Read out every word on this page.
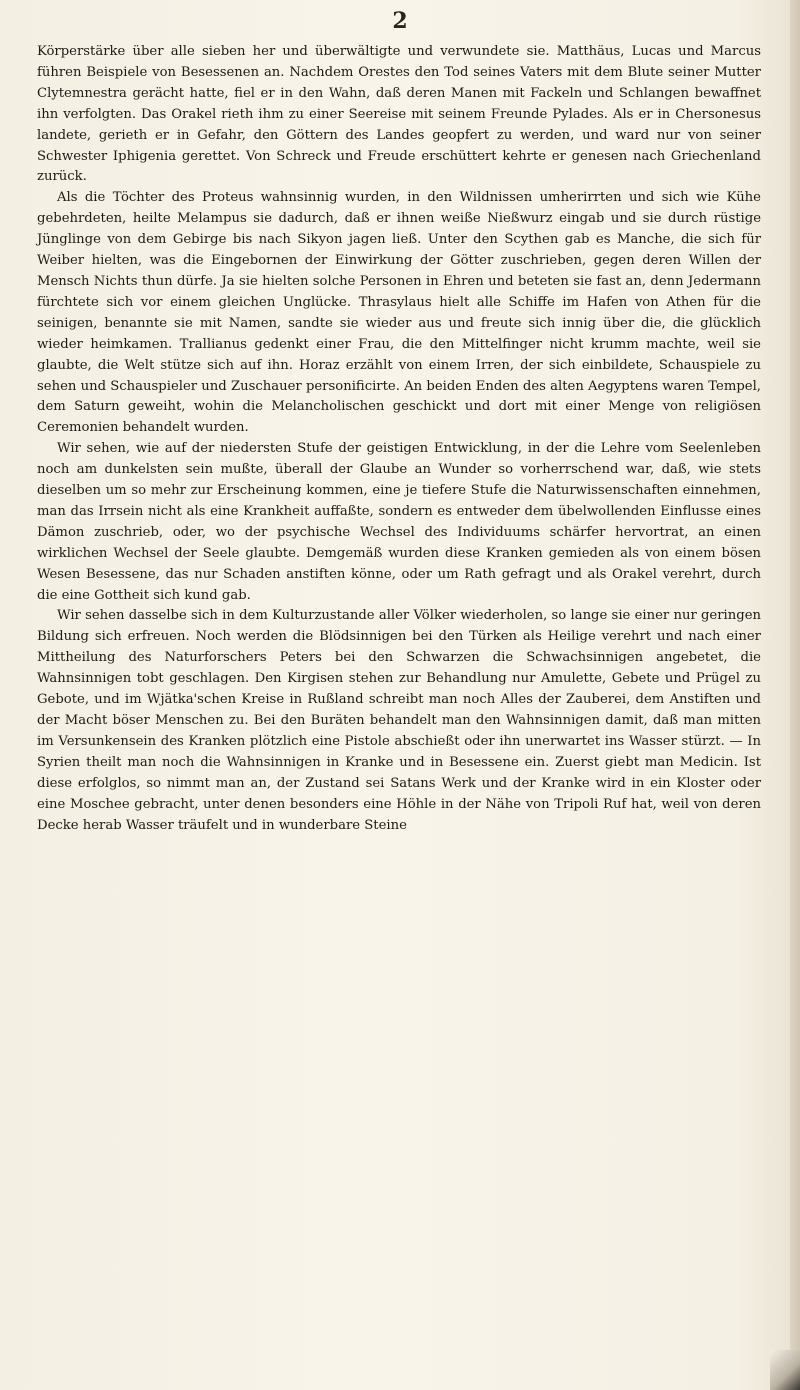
2

Körperstärke über alle sieben her und überwältigte und verwundete sie. Matthäus, Lucas und Marcus führen Beispiele von Besessenen an. Nachdem Orestes den Tod seines Vaters mit dem Blute seiner Mutter Clytemnestra gerächt hatte, fiel er in den Wahn, daß deren Manen mit Fackeln und Schlangen bewaffnet ihn verfolgten. Das Orakel rieth ihm zu einer Seereise mit seinem Freunde Pylades. Als er in Chersonesus landete, gerieth er in Gefahr, den Göttern des Landes geopfert zu werden, und ward nur von seiner Schwester Iphigenia gerettet. Von Schreck und Freude erschüttert kehrte er genesen nach Griechenland zurück.

Als die Töchter des Proteus wahnsinnig wurden, in den Wildnissen umherirrten und sich wie Kühe gebehrdeten, heilte Melampus sie dadurch, daß er ihnen weiße Nießwurz eingab und sie durch rüstige Jünglinge von dem Gebirge bis nach Sikyon jagen ließ. Unter den Scythen gab es Manche, die sich für Weiber hielten, was die Eingebornen der Einwirkung der Götter zuschrieben, gegen deren Willen der Mensch Nichts thun dürfe. Ja sie hielten solche Personen in Ehren und beteten sie fast an, denn Jedermann fürchtete sich vor einem gleichen Unglücke. Thrasylaus hielt alle Schiffe im Hafen von Athen für die seinigen, benannte sie mit Namen, sandte sie wieder aus und freute sich innig über die, die glücklich wieder heimkamen. Trallianus gedenkt einer Frau, die den Mittelfinger nicht krumm machte, weil sie glaubte, die Welt stütze sich auf ihn. Horaz erzählt von einem Irren, der sich einbildete, Schauspiele zu sehen und Schauspieler und Zuschauer personificirte. An beiden Enden des alten Aegyptens waren Tempel, dem Saturn geweiht, wohin die Melancholischen geschickt und dort mit einer Menge von religiösen Ceremonien behandelt wurden.

Wir sehen, wie auf der niedersten Stufe der geistigen Entwicklung, in der die Lehre vom Seelenleben noch am dunkelsten sein mußte, überall der Glaube an Wunder so vorherrschend war, daß, wie stets dieselben um so mehr zur Erscheinung kommen, eine je tiefere Stufe die Naturwissenschaften einnehmen, man das Irrsein nicht als eine Krankheit auffaßte, sondern es entweder dem übelwollenden Einflusse eines Dämon zuschrieb, oder, wo der psychische Wechsel des Individuums schärfer hervortrat, an einen wirklichen Wechsel der Seele glaubte. Demgemäß wurden diese Kranken gemieden als von einem bösen Wesen Besessene, das nur Schaden anstiften könne, oder um Rath gefragt und als Orakel verehrt, durch die eine Gottheit sich kund gab.

Wir sehen dasselbe sich in dem Kulturzustande aller Völker wiederholen, so lange sie einer nur geringen Bildung sich erfreuen. Noch werden die Blödsinnigen bei den Türken als Heilige verehrt und nach einer Mittheilung des Naturforschers Peters bei den Schwarzen die Schwachsinnigen angebetet, die Wahnsinnigen tobt geschlagen. Den Kirgisen stehen zur Behandlung nur Amulette, Gebete und Prügel zu Gebote, und im Wjätka'schen Kreise in Rußland schreibt man noch Alles der Zauberei, dem Anstiften und der Macht böser Menschen zu. Bei den Buräten behandelt man den Wahnsinnigen damit, daß man mitten im Versunkensein des Kranken plötzlich eine Pistole abschießt oder ihn unerwartet ins Wasser stürzt. — In Syrien theilt man noch die Wahnsinnigen in Kranke und in Besessene ein. Zuerst giebt man Medicin. Ist diese erfolglos, so nimmt man an, der Zustand sei Satans Werk und der Kranke wird in ein Kloster oder eine Moschee gebracht, unter denen besonders eine Höhle in der Nähe von Tripoli Ruf hat, weil von deren Decke herab Wasser träufelt und in wunderbare Steine
